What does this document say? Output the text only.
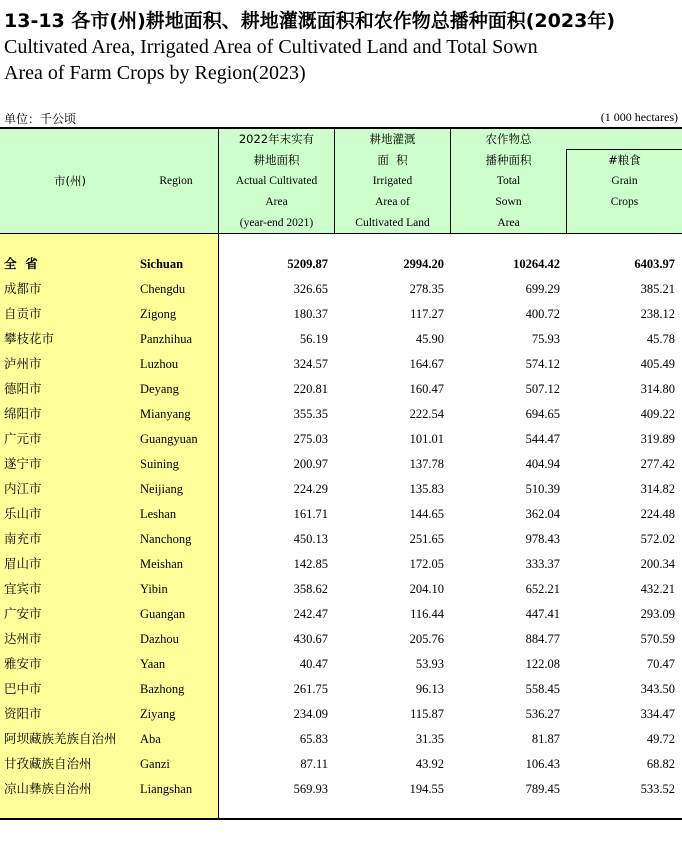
13-13 各市(州)耕地面积、耕地灌溉面积和农作物总播种面积(2023年)
Cultivated Area, Irrigated Area of Cultivated Land and Total Sown
Area of Farm Crops by Region(2023)
单位：千公顷	(1 000 hectares)
市(州)	Region
2022年末实有
耕地面积
Actual Cultivated
Area
(year-end 2021)
耕地灌溉
面  积
Irrigated
Area of
Cultivated Land
农作物总
播种面积
Total
Sown
Area
#粮食
Grain
Crops
全  省	Sichuan	5209.87	2994.20	10264.42	6403.97
成都市	Chengdu	326.65	278.35	699.29	385.21
自贡市	Zigong	180.37	117.27	400.72	238.12
攀枝花市	Panzhihua	56.19	45.90	75.93	45.78
泸州市	Luzhou	324.57	164.67	574.12	405.49
德阳市	Deyang	220.81	160.47	507.12	314.80
绵阳市	Mianyang	355.35	222.54	694.65	409.22
广元市	Guangyuan	275.03	101.01	544.47	319.89
遂宁市	Suining	200.97	137.78	404.94	277.42
内江市	Neijiang	224.29	135.83	510.39	314.82
乐山市	Leshan	161.71	144.65	362.04	224.48
南充市	Nanchong	450.13	251.65	978.43	572.02
眉山市	Meishan	142.85	172.05	333.37	200.34
宜宾市	Yibin	358.62	204.10	652.21	432.21
广安市	Guangan	242.47	116.44	447.41	293.09
达州市	Dazhou	430.67	205.76	884.77	570.59
雅安市	Yaan	40.47	53.93	122.08	70.47
巴中市	Bazhong	261.75	96.13	558.45	343.50
资阳市	Ziyang	234.09	115.87	536.27	334.47
阿坝藏族羌族自治州 Aba	65.83	31.35	81.87	49.72
甘孜藏族自治州	Ganzi	87.11	43.92	106.43	68.82
凉山彝族自治州	Liangshan	569.93	194.55	789.45	533.52
